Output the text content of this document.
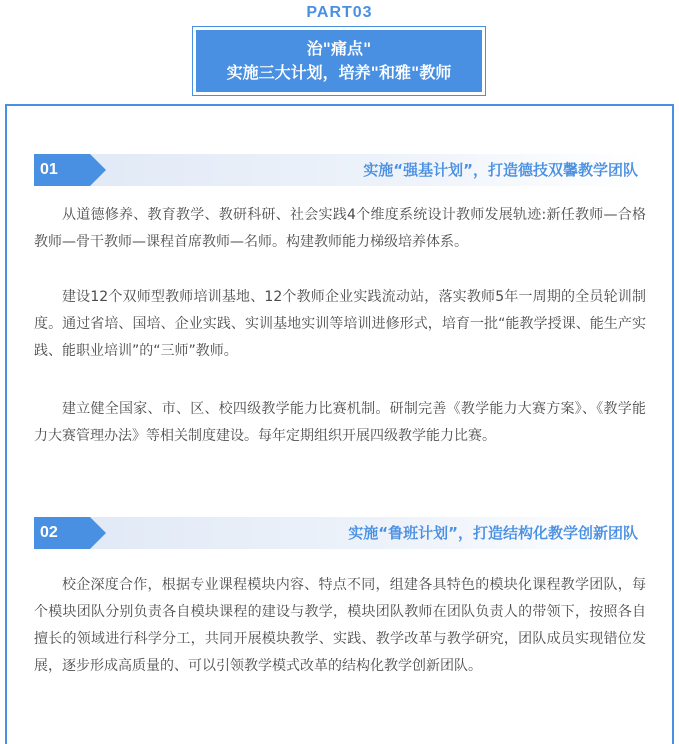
PART03
治"痛点"
实施三大计划，培养"和雅"教师
01	实施“强基计划”，打造德技双馨教学团队

从道德修养、教育教学、教研科研、社会实践4个维度系统设计教师发展轨迹:新任教师—合格教师—骨干教师—课程首席教师—名师。构建教师能力梯级培养体系。

建设12个双师型教师培训基地、12个教师企业实践流动站，落实教师5年一周期的全员轮训制度。通过省培、国培、企业实践、实训基地实训等培训进修形式，培育一批“能教学授课、能生产实践、能职业培训”的“三师”教师。

建立健全国家、市、区、校四级教学能力比赛机制。研制完善《教学能力大赛方案》、《教学能力大赛管理办法》等相关制度建设。每年定期组织开展四级教学能力比赛。

02	实施“鲁班计划”，打造结构化教学创新团队

校企深度合作，根据专业课程模块内容、特点不同，组建各具特色的模块化课程教学团队，每个模块团队分别负责各自模块课程的建设与教学，模块团队教师在团队负责人的带领下，按照各自擅长的领域进行科学分工，共同开展模块教学、实践、教学改革与教学研究，团队成员实现错位发展，逐步形成高质量的、可以引领教学模式改革的结构化教学创新团队。
